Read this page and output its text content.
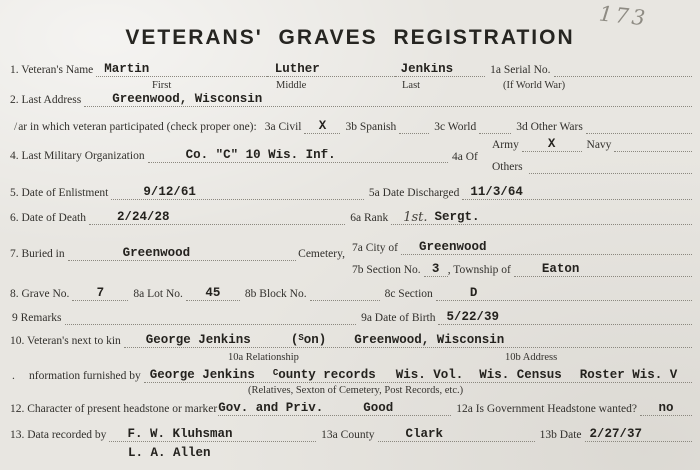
173
VETERANS' GRAVES REGISTRATION
1. Veteran's Name Martin	Luther	Jenkins	1a Serial No.
First	Middle	Last	(If World War)
2. Last Address	Greenwood, Wisconsin
/ ar in which veteran participated (check proper one): 3a Civil X	3b Spanish	3c World	3d Other Wars
4. Last Military Organization	Co. "C" 10 Wis. Inf.	4a Of
Army X	Navy
Others
5. Date of Enlistment	9/12/61	5a Date Discharged 11/3/64
6. Date of Death	2/24/28	6a Rank	1st. Sergt.
7. Buried in	Greenwood	Cemetery, 7a City of	Greenwood
7b Section No. 3 , Township of	Eaton
8. Grave No. 7	8a Lot No. 45	8b Block No.	8c Section	D
9 Remarks	9a Date of Birth 5/22/39
10. Veteran's next to kin	George Jenkins	($^S$on)	Greenwood, Wisconsin
10a Relationship	10b Address
.	nformation furnished by George Jenkins	$^C$ounty records	Wis. Vol.	Wis. Census	Roster Wis. V
(Relatives, Sexton of Cemetery, Post Records, etc.)
12. Character of present headstone or marker Gov. and Priv.	Good	12a Is Government Headstone wanted? no
13. Data recorded by	F. W. Kluhsman	13a County	Clark	13b Date 2/27/37
L. A. Allen
